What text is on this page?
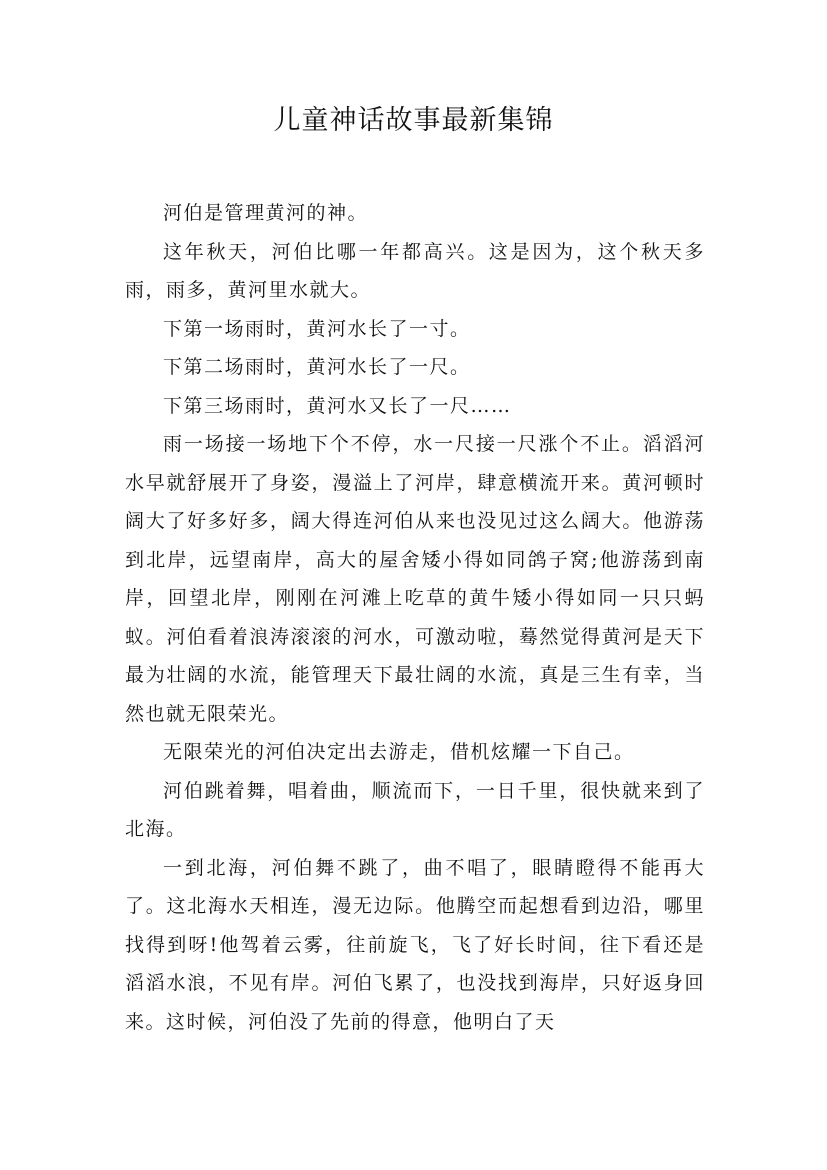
儿童神话故事最新集锦

河伯是管理黄河的神。

这年秋天，河伯比哪一年都高兴。这是因为，这个秋天多雨，雨多，黄河里水就大。

下第一场雨时，黄河水长了一寸。

下第二场雨时，黄河水长了一尺。

下第三场雨时，黄河水又长了一尺……

雨一场接一场地下个不停，水一尺接一尺涨个不止。滔滔河水早就舒展开了身姿，漫溢上了河岸，肆意横流开来。黄河顿时阔大了好多好多，阔大得连河伯从来也没见过这么阔大。他游荡到北岸，远望南岸，高大的屋舍矮小得如同鸽子窝;他游荡到南岸，回望北岸，刚刚在河滩上吃草的黄牛矮小得如同一只只蚂蚁。河伯看着浪涛滚滚的河水，可激动啦，蓦然觉得黄河是天下最为壮阔的水流，能管理天下最壮阔的水流，真是三生有幸，当然也就无限荣光。

无限荣光的河伯决定出去游走，借机炫耀一下自己。

河伯跳着舞，唱着曲，顺流而下，一日千里，很快就来到了北海。

一到北海，河伯舞不跳了，曲不唱了，眼睛瞪得不能再大了。这北海水天相连，漫无边际。他腾空而起想看到边沿，哪里找得到呀!他驾着云雾，往前旋飞，飞了好长时间，往下看还是滔滔水浪，不见有岸。河伯飞累了，也没找到海岸，只好返身回来。这时候，河伯没了先前的得意，他明白了天
